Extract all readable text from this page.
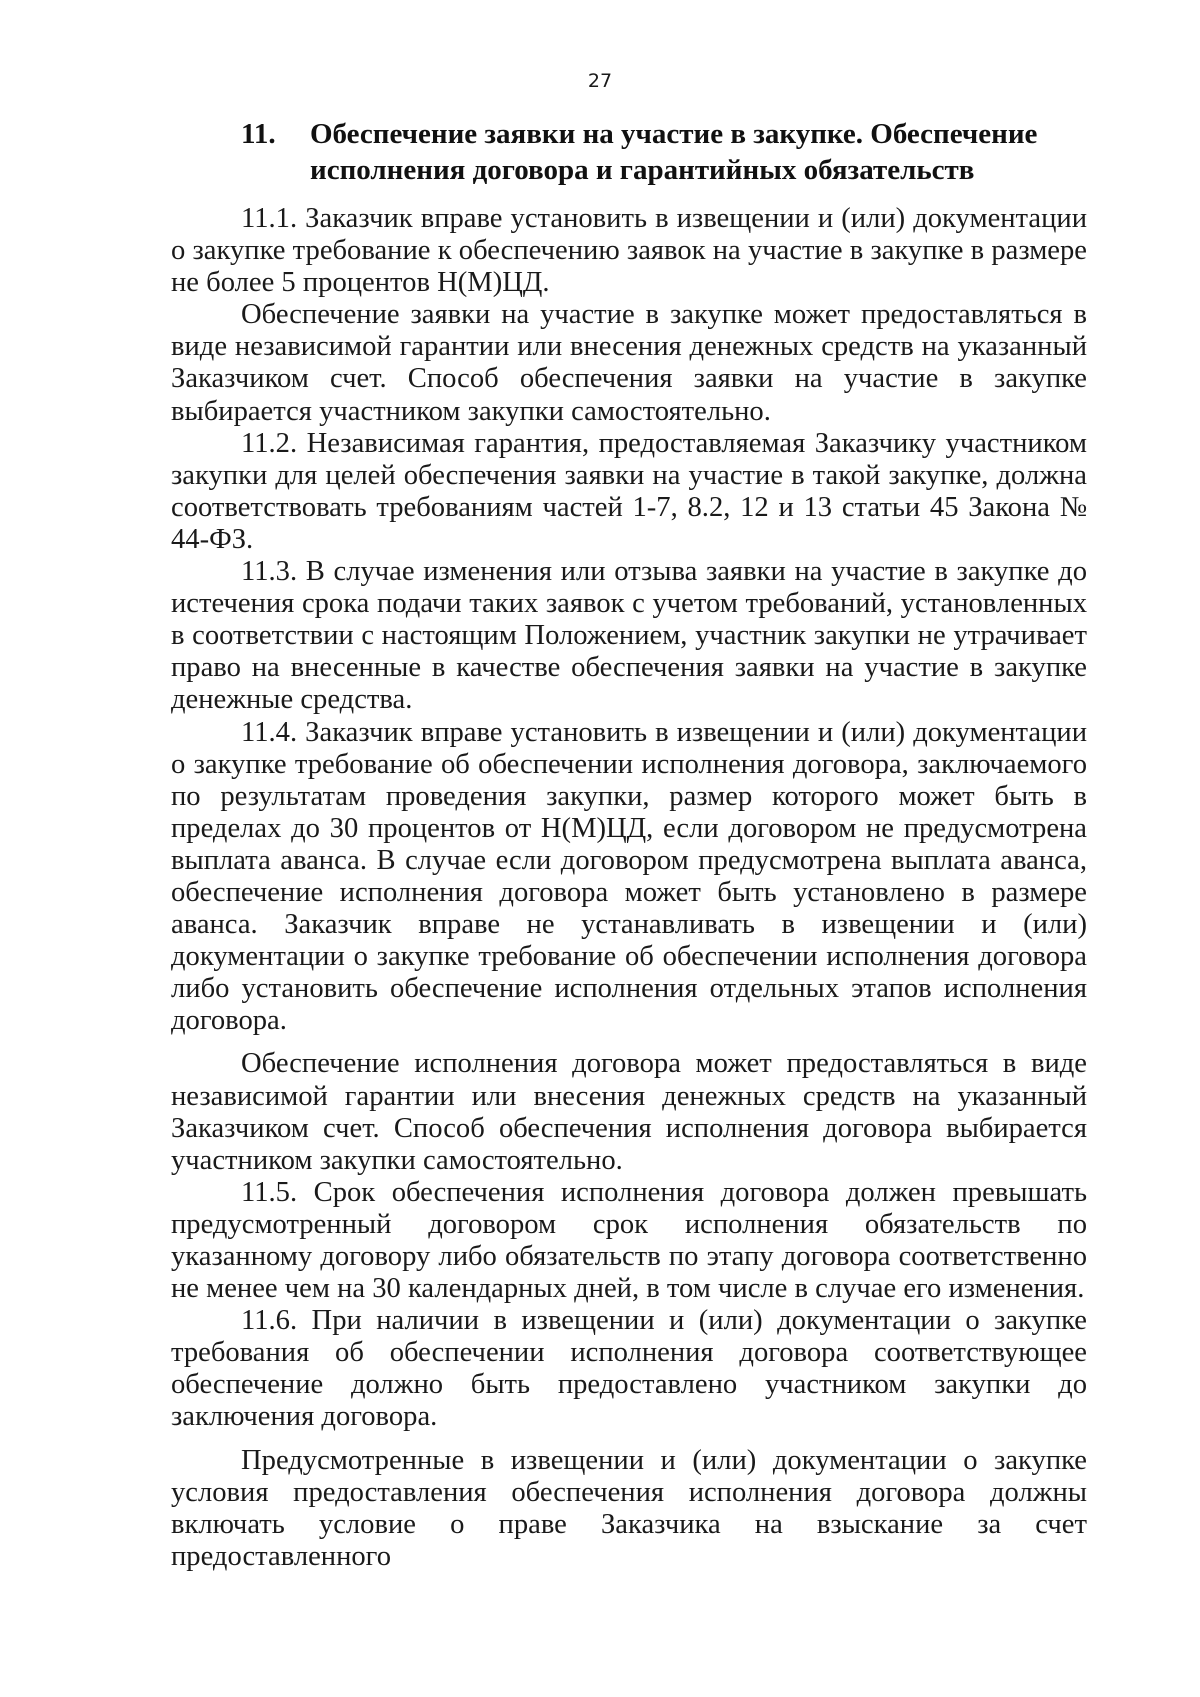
27
11. Обеспечение заявки на участие в закупке. Обеспечение
исполнения договора и гарантийных обязательств

11.1. Заказчик вправе установить в извещении и (или) документации о закупке требование к обеспечению заявок на участие в закупке в размере не более 5 процентов Н(М)ЦД.

Обеспечение заявки на участие в закупке может предоставляться в виде независимой гарантии или внесения денежных средств на указанный Заказчиком счет. Способ обеспечения заявки на участие в закупке выбирается участником закупки самостоятельно.

11.2. Независимая гарантия, предоставляемая Заказчику участником закупки для целей обеспечения заявки на участие в такой закупке, должна соответствовать требованиям частей 1-7, 8.2, 12 и 13 статьи 45 Закона № 44-ФЗ.

11.3. В случае изменения или отзыва заявки на участие в закупке до истечения срока подачи таких заявок с учетом требований, установленных в соответствии с настоящим Положением, участник закупки не утрачивает право на внесенные в качестве обеспечения заявки на участие в закупке денежные средства.

11.4. Заказчик вправе установить в извещении и (или) документации о закупке требование об обеспечении исполнения договора, заключаемого по результатам проведения закупки, размер которого может быть в пределах до 30 процентов от Н(М)ЦД, если договором не предусмотрена выплата аванса. В случае если договором предусмотрена выплата аванса, обеспечение исполнения договора может быть установлено в размере аванса. Заказчик вправе не устанавливать в извещении и (или) документации о закупке требование об обеспечении исполнения договора либо установить обеспечение исполнения отдельных этапов исполнения договора.

Обеспечение исполнения договора может предоставляться в виде независимой гарантии или внесения денежных средств на указанный Заказчиком счет. Способ обеспечения исполнения договора выбирается участником закупки самостоятельно.

11.5. Срок обеспечения исполнения договора должен превышать предусмотренный договором срок исполнения обязательств по указанному договору либо обязательств по этапу договора соответственно не менее чем на 30 календарных дней, в том числе в случае его изменения.

11.6. При наличии в извещении и (или) документации о закупке требования об обеспечении исполнения договора соответствующее обеспечение должно быть предоставлено участником закупки до заключения договора.

Предусмотренные в извещении и (или) документации о закупке условия предоставления обеспечения исполнения договора должны включать условие о праве Заказчика на взыскание за счет предоставленного
